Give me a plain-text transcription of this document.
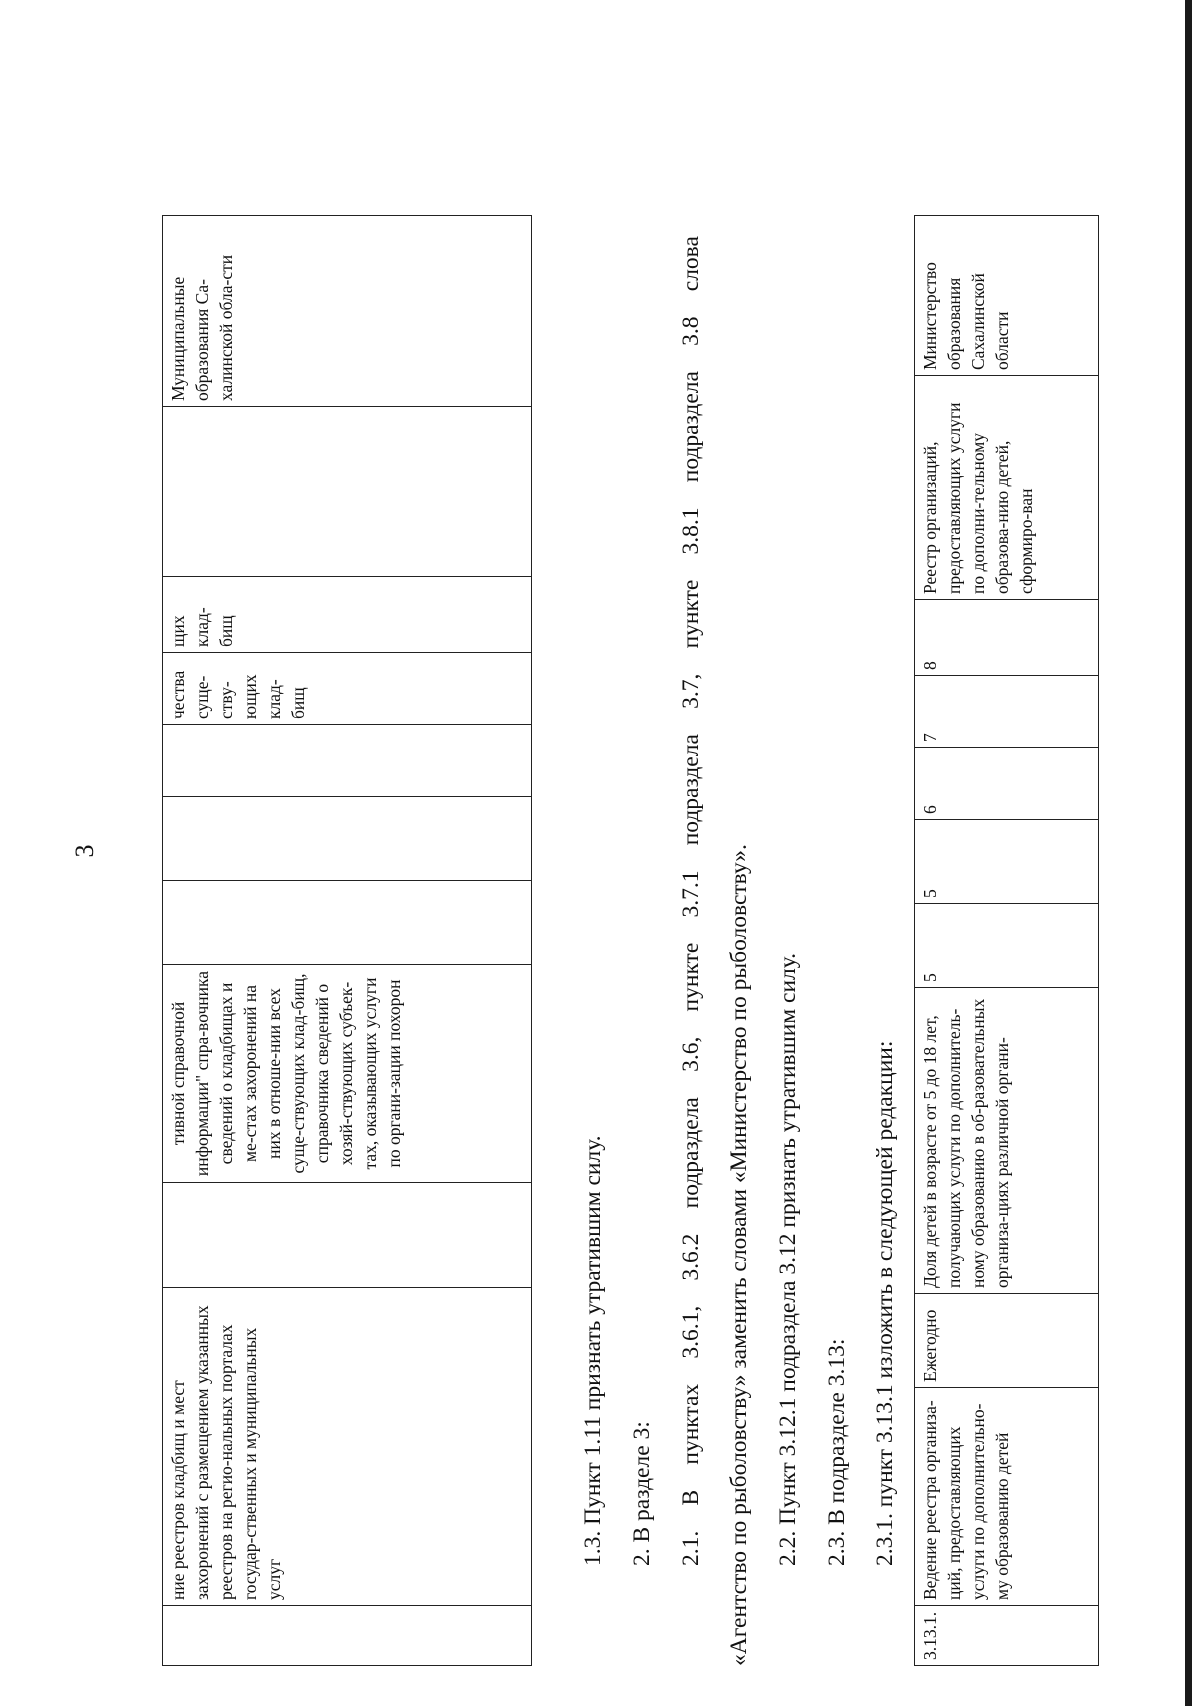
3
	ние реестров кладбищ и мест захоронений с размещением указанных реестров на регио-нальных порталах государ-ственных и муниципальных услуг		тивной справочной информации" спра-вочника сведений о кладбищах и ме-стах захоронений на них в отноше-нии всех суще-ствующих клад-бищ, справочника сведений о хозяй-ствующих субъек-тах, оказывающих услуги по органи-зации похорон				чества суще-ству-ющих клад-бищ	щих клад-бищ		Муниципальные образования Са-халинской обла-сти
1.3. Пункт 1.11 признать утратившим силу. 2. В разделе 3: 2.1.
В
пунктах
3.6.1,
3.6.2
подраздела
3.6,
пункте
3.7.1
подраздела
3.7,
пункте
3.8.1
подраздела
3.8
слова
«Агентство по рыболовству» заменить словами «Министерство по рыболовству». 2.2. Пункт 3.12.1 подраздела 3.12 признать утратившим силу. 2.3. В подразделе 3.13: 2.3.1. пункт 3.13.1 изложить в следующей редакции:
3.13.1.	Ведение реестра организа-ций, предоставляющих услуги по дополнительно-му образованию детей	Ежегодно	Доля детей в возрасте от 5 до 18 лет, получающих услуги по дополнитель-ному образованию в об-разовательных организа-циях различной органи-	5	5	6	7	8	Реестр организаций, предоставляющих услуги по дополни-тельному образова-нию детей, сформиро-ван	Министерство образования Сахалинской области
